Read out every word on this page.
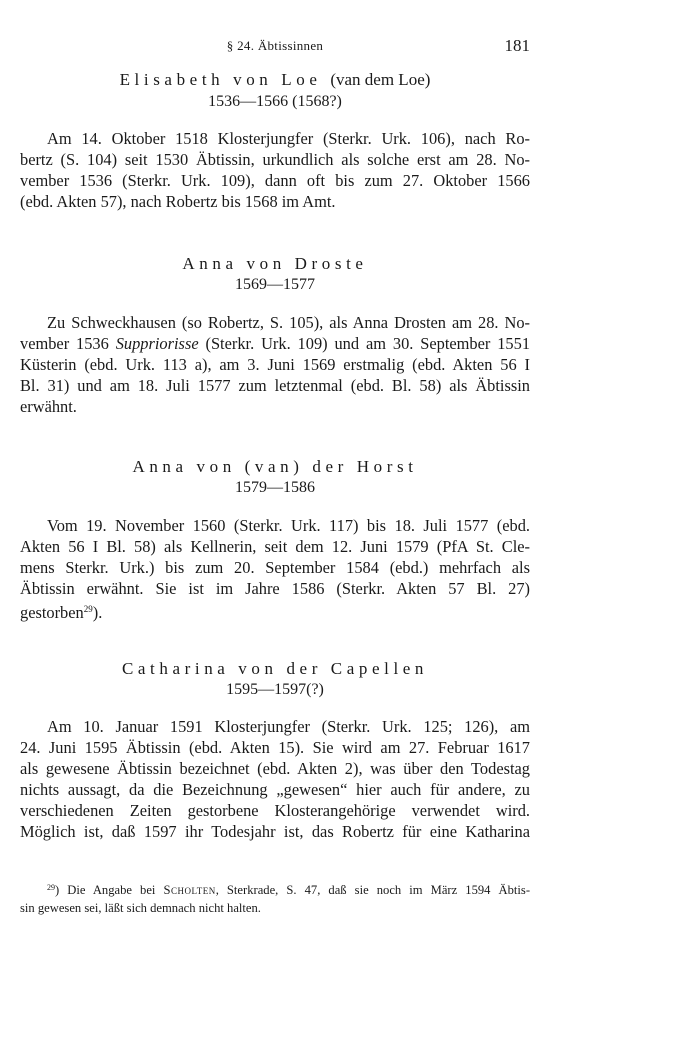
§ 24. Äbtissinnen	181
Elisabeth von Loe (van dem Loe)
1536—1566 (1568?)

Am 14. Oktober 1518 Klosterjungfer (Sterkr. Urk. 106), nach Ro-
bertz (S. 104) seit 1530 Äbtissin, urkundlich als solche erst am 28. No-
vember 1536 (Sterkr. Urk. 109), dann oft bis zum 27. Oktober 1566
(ebd. Akten 57), nach Robertz bis 1568 im Amt.

Anna von Droste
1569—1577

Zu Schweckhausen (so Robertz, S. 105), als Anna Drosten am 28. No-
vember 1536 Suppriorisse (Sterkr. Urk. 109) und am 30. September 1551
Küsterin (ebd. Urk. 113 a), am 3. Juni 1569 erstmalig (ebd. Akten 56 I
Bl. 31) und am 18. Juli 1577 zum letztenmal (ebd. Bl. 58) als Äbtissin
erwähnt.

Anna von (van) der Horst
1579—1586

Vom 19. November 1560 (Sterkr. Urk. 117) bis 18. Juli 1577 (ebd.
Akten 56 I Bl. 58) als Kellnerin, seit dem 12. Juni 1579 (PfA St. Cle-
mens Sterkr. Urk.) bis zum 20. September 1584 (ebd.) mehrfach als
Äbtissin erwähnt. Sie ist im Jahre 1586 (Sterkr. Akten 57 Bl. 27)
gestorben$^{29}$).

Catharina von der Capellen
1595—1597(?)

Am 10. Januar 1591 Klosterjungfer (Sterkr. Urk. 125; 126), am
24. Juni 1595 Äbtissin (ebd. Akten 15). Sie wird am 27. Februar 1617
als gewesene Äbtissin bezeichnet (ebd. Akten 2), was über den Todestag
nichts aussagt, da die Bezeichnung „gewesen“ hier auch für andere, zu
verschiedenen Zeiten gestorbene Klosterangehörige verwendet wird.
Möglich ist, daß 1597 ihr Todesjahr ist, das Robertz für eine Katharina

$^{29}$) Die Angabe bei Scholten, Sterkrade, S. 47, daß sie noch im März 1594 Äbtis-
sin gewesen sei, läßt sich demnach nicht halten.
